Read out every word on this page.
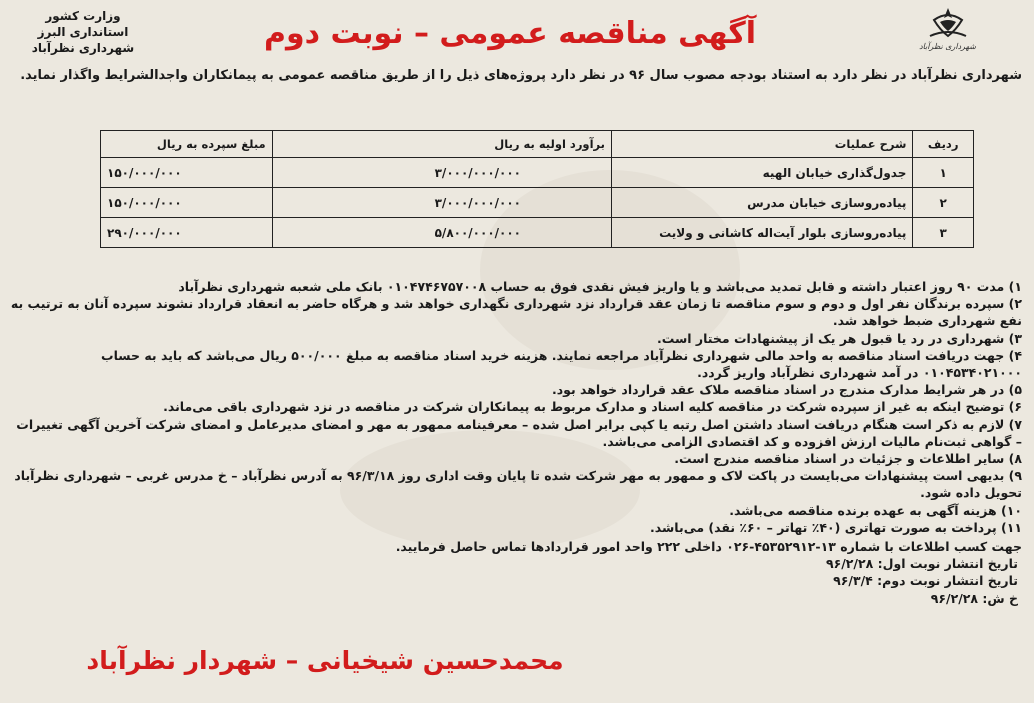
وزارت کشور
استانداری البرز
شهرداری نظرآباد	شهرداری نظرآباد
آگهی مناقصه عمومی – نوبت دوم
شهرداری نظرآباد در نظر دارد به استناد بودجه مصوب سال ۹۶ در نظر دارد پروژه‌های ذیل را از طریق مناقصه عمومی به پیمانکاران واجدالشرایط واگذار نماید.
ردیف	شرح عملیات	برآورد اولیه به ریال	مبلغ سپرده به ریال
۱	جدول‌گذاری خیابان الهیه	۳/۰۰۰/۰۰۰/۰۰۰	۱۵۰/۰۰۰/۰۰۰
۲	پیاده‌روسازی خیابان مدرس	۳/۰۰۰/۰۰۰/۰۰۰	۱۵۰/۰۰۰/۰۰۰
۳	پیاده‌روسازی بلوار آیت‌اله کاشانی و ولایت	۵/۸۰۰/۰۰۰/۰۰۰	۲۹۰/۰۰۰/۰۰۰
۱) مدت ۹۰ روز اعتبار داشته و قابل تمدید می‌باشد و یا واریز فیش نقدی فوق به حساب ۰۱۰۴۷۴۶۷۵۷۰۰۸ بانک ملی شعبه شهرداری نظرآباد
۲) سپرده برندگان نفر اول و دوم و سوم مناقصه تا زمان عقد قرارداد نزد شهرداری نگهداری خواهد شد و هرگاه حاضر به انعقاد قرارداد نشوند سپرده آنان به ترتیب به نفع شهرداری ضبط خواهد شد.
۳) شهرداری در رد یا قبول هر یک از پیشنهادات مختار است.
۴) جهت دریافت اسناد مناقصه به واحد مالی شهرداری نظرآباد مراجعه نمایند. هزینه خرید اسناد مناقصه به مبلغ ۵۰۰/۰۰۰ ریال می‌باشد که باید به حساب ۰۱۰۴۵۳۴۰۲۱۰۰۰ در آمد شهرداری نظرآباد واریز گردد.
۵) در هر شرایط مدارک مندرج در اسناد مناقصه ملاک عقد قرارداد خواهد بود.
۶) توضیح اینکه به غیر از سپرده شرکت در مناقصه کلیه اسناد و مدارک مربوط به پیمانکاران شرکت در مناقصه در نزد شهرداری باقی می‌ماند.
۷) لازم به ذکر است هنگام دریافت اسناد داشتن اصل رتبه یا کپی برابر اصل شده – معرفینامه ممهور به مهر و امضای مدیرعامل و امضای شرکت آخرین آگهی تغییرات – گواهی ثبت‌نام مالیات ارزش افزوده و کد اقتصادی الزامی می‌باشد.
۸) سایر اطلاعات و جزئیات در اسناد مناقصه مندرج است.
۹) بدیهی است پیشنهادات می‌بایست در پاکت لاک و ممهور به مهر شرکت شده تا پایان وقت اداری روز ۹۶/۳/۱۸ به آدرس نظرآباد – خ مدرس غربی – شهرداری نظرآباد تحویل داده شود.
۱۰) هزینه آگهی به عهده برنده مناقصه می‌باشد.
۱۱) پرداخت به صورت تهاتری (۴۰٪ تهاتر – ۶۰٪ نقد) می‌باشد.
جهت کسب اطلاعات با شماره ۱۳-۴۵۳۵۲۹۱۲-۰۲۶ داخلی ۲۲۲ واحد امور قراردادها تماس حاصل فرمایید.
تاریخ انتشار نوبت اول: ۹۶/۲/۲۸
تاریخ انتشار نوبت دوم: ۹۶/۳/۴
خ ش: ۹۶/۲/۲۸
محمدحسین شیخیانی – شهردار نظرآباد
